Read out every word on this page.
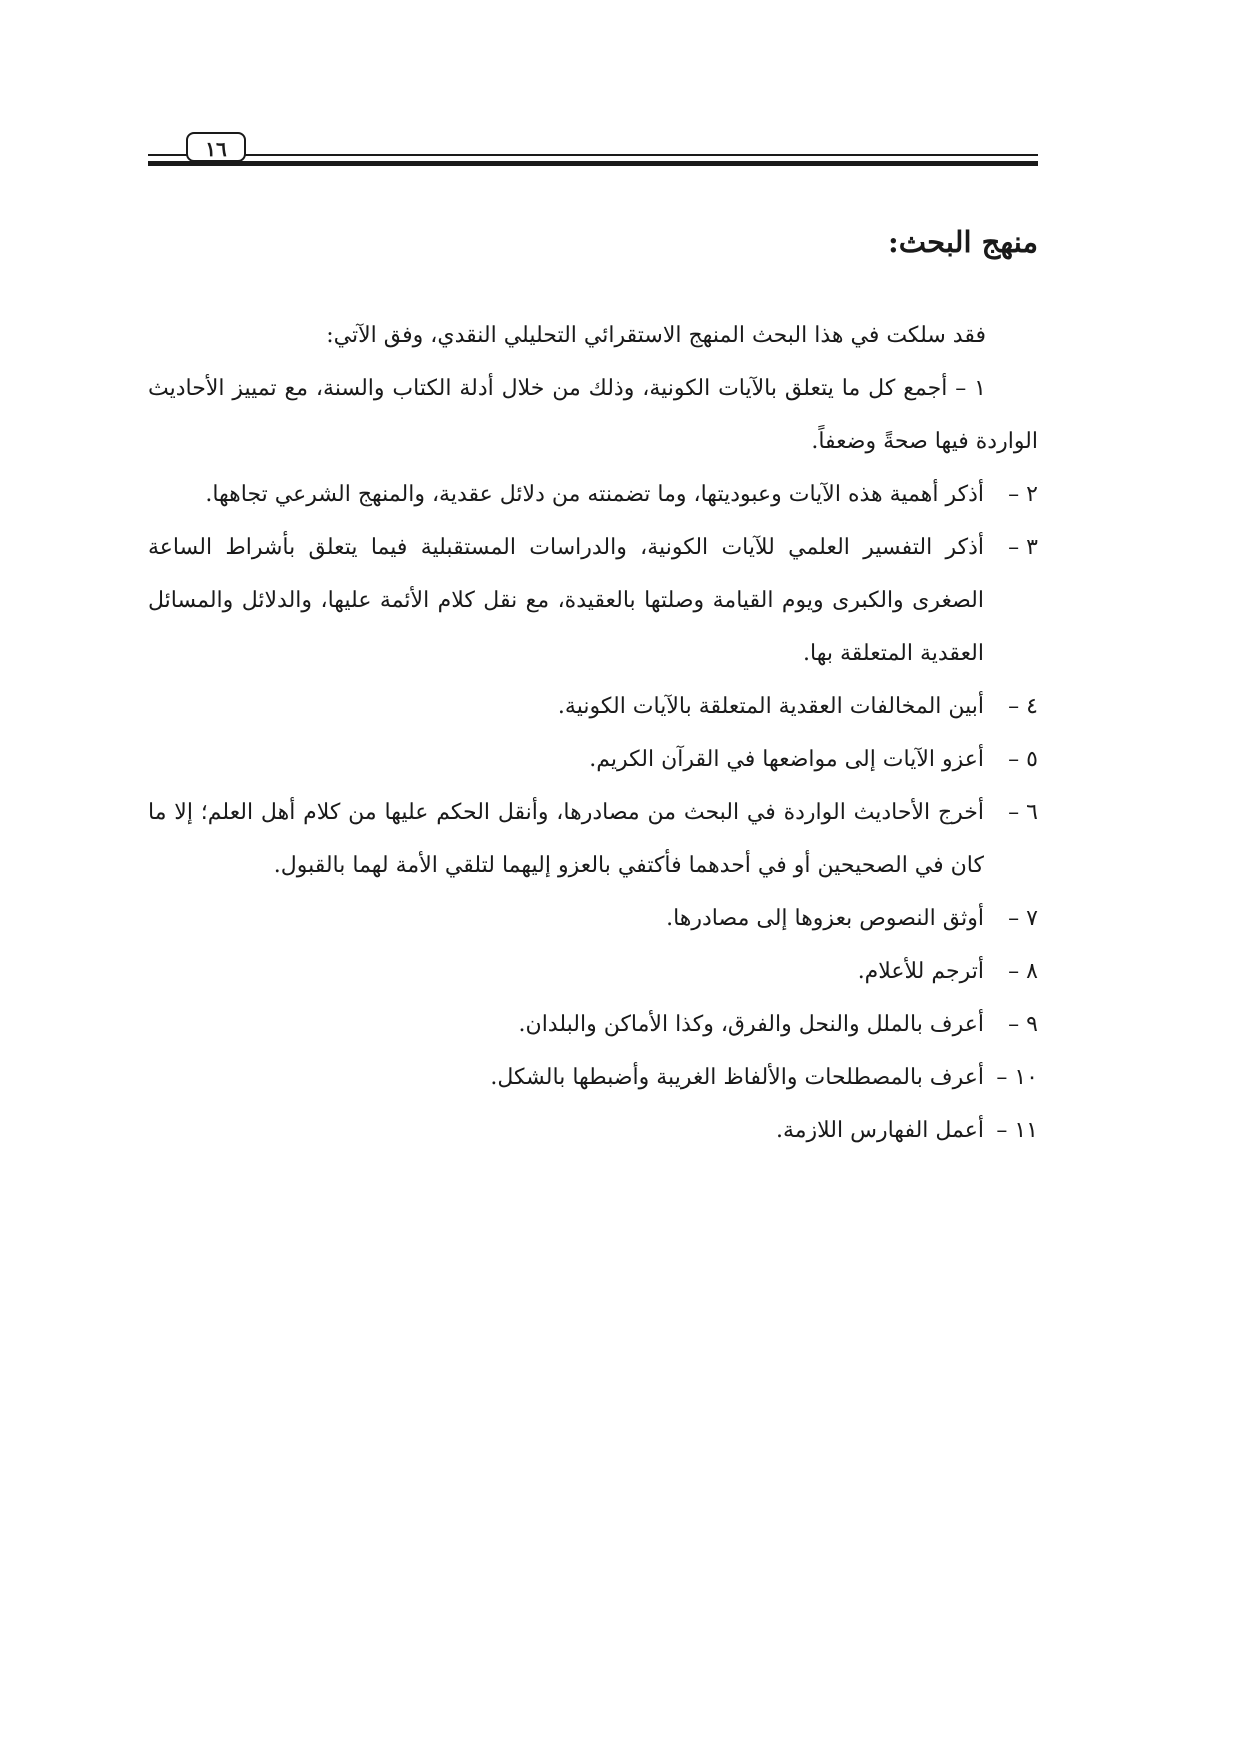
١٦
منهج البحث:
فقد سلكت في هذا البحث المنهج الاستقرائي التحليلي النقدي، وفق الآتي:
١ – أجمع كل ما يتعلق بالآيات الكونية، وذلك من خلال أدلة الكتاب والسنة، مع تمييز الأحاديث الواردة فيها صحةً وضعفاً.
٢ –
أذكر أهمية هذه الآيات وعبوديتها، وما تضمنته من دلائل عقدية، والمنهج الشرعي تجاهها.
٣ –
أذكر التفسير العلمي للآيات الكونية، والدراسات المستقبلية فيما يتعلق بأشراط الساعة الصغرى والكبرى ويوم القيامة وصلتها بالعقيدة، مع نقل كلام الأئمة عليها، والدلائل والمسائل العقدية المتعلقة بها.
٤ –
أبين المخالفات العقدية المتعلقة بالآيات الكونية.
٥ –
أعزو الآيات إلى مواضعها في القرآن الكريم.
٦ –
أخرج الأحاديث الواردة في البحث من مصادرها، وأنقل الحكم عليها من كلام أهل العلم؛ إلا ما كان في الصحيحين أو في أحدهما فأكتفي بالعزو إليهما لتلقي الأمة لهما بالقبول.
٧ –
أوثق النصوص بعزوها إلى مصادرها.
٨ –
أترجم للأعلام.
٩ –
أعرف بالملل والنحل والفرق، وكذا الأماكن والبلدان.
١٠ –
أعرف بالمصطلحات والألفاظ الغريبة وأضبطها بالشكل.
١١ –
أعمل الفهارس اللازمة.
